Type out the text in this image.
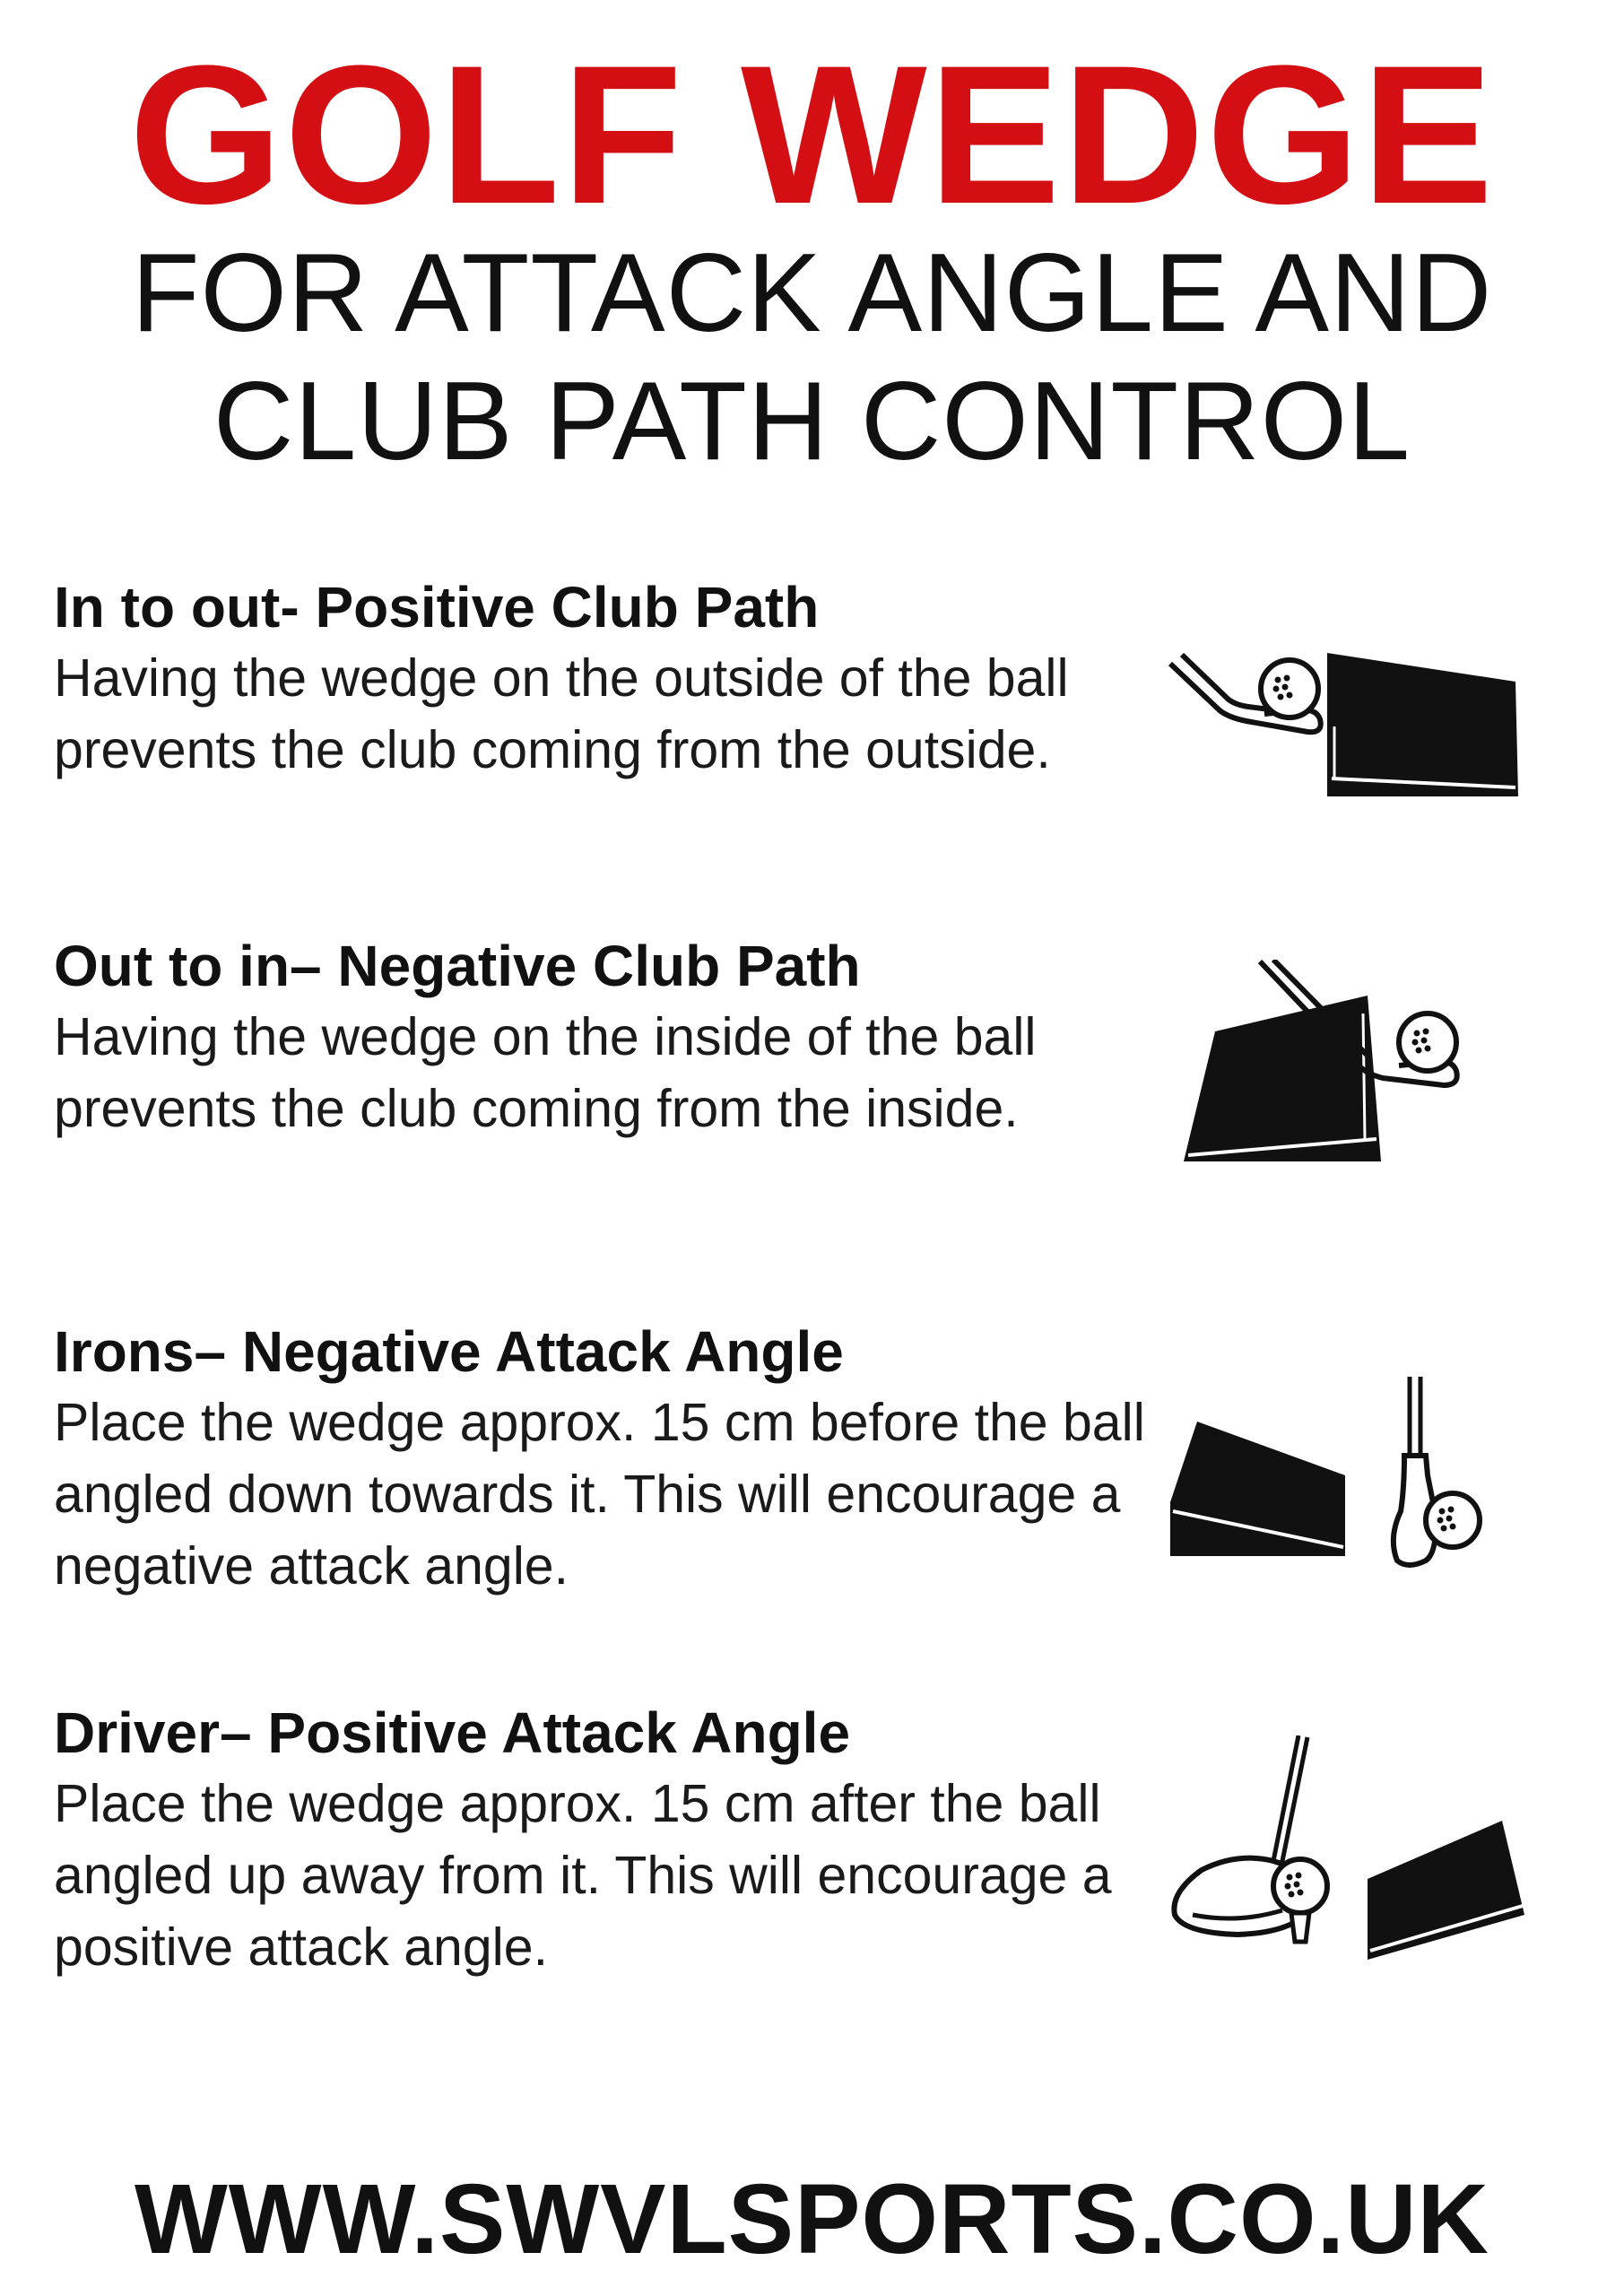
GOLF WEDGE
FOR ATTACK ANGLE AND
CLUB PATH CONTROL
In to out- Positive Club Path

Having the wedge on the outside of the ball prevents the club coming from the outside.

Out to in– Negative Club Path

Having the wedge on the inside of the ball prevents the club coming from the inside.

Irons– Negative Attack Angle

Place the wedge approx. 15 cm before the ball angled down towards it. This will encourage a negative attack angle.

Driver– Positive Attack Angle

Place the wedge approx. 15 cm after the ball angled up away from it. This will encourage a positive attack angle.

WWW.SWVLSPORTS.CO.UK
